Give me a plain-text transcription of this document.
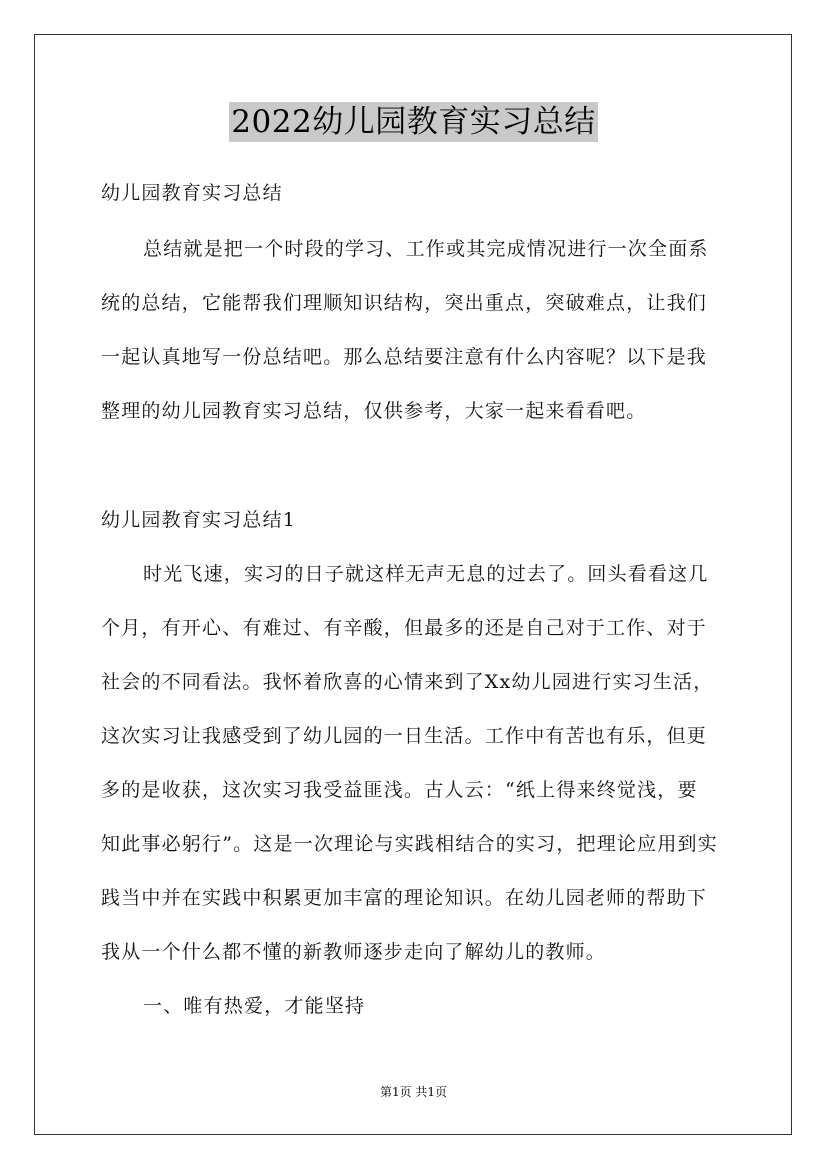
2022幼儿园教育实习总结
幼儿园教育实习总结
总结就是把一个时段的学习、工作或其完成情况进行一次全面系
统的总结，它能帮我们理顺知识结构，突出重点，突破难点，让我们
一起认真地写一份总结吧。那么总结要注意有什么内容呢？以下是我
整理的幼儿园教育实习总结，仅供参考，大家一起来看看吧。
幼儿园教育实习总结1
时光飞速，实习的日子就这样无声无息的过去了。回头看看这几
个月，有开心、有难过、有辛酸，但最多的还是自己对于工作、对于
社会的不同看法。我怀着欣喜的心情来到了Xx幼儿园进行实习生活，
这次实习让我感受到了幼儿园的一日生活。工作中有苦也有乐，但更
多的是收获，这次实习我受益匪浅。古人云：“纸上得来终觉浅，要
知此事必躬行”。这是一次理论与实践相结合的实习，把理论应用到实
践当中并在实践中积累更加丰富的理论知识。在幼儿园老师的帮助下
我从一个什么都不懂的新教师逐步走向了解幼儿的教师。
一、唯有热爱，才能坚持
第1页 共1页
